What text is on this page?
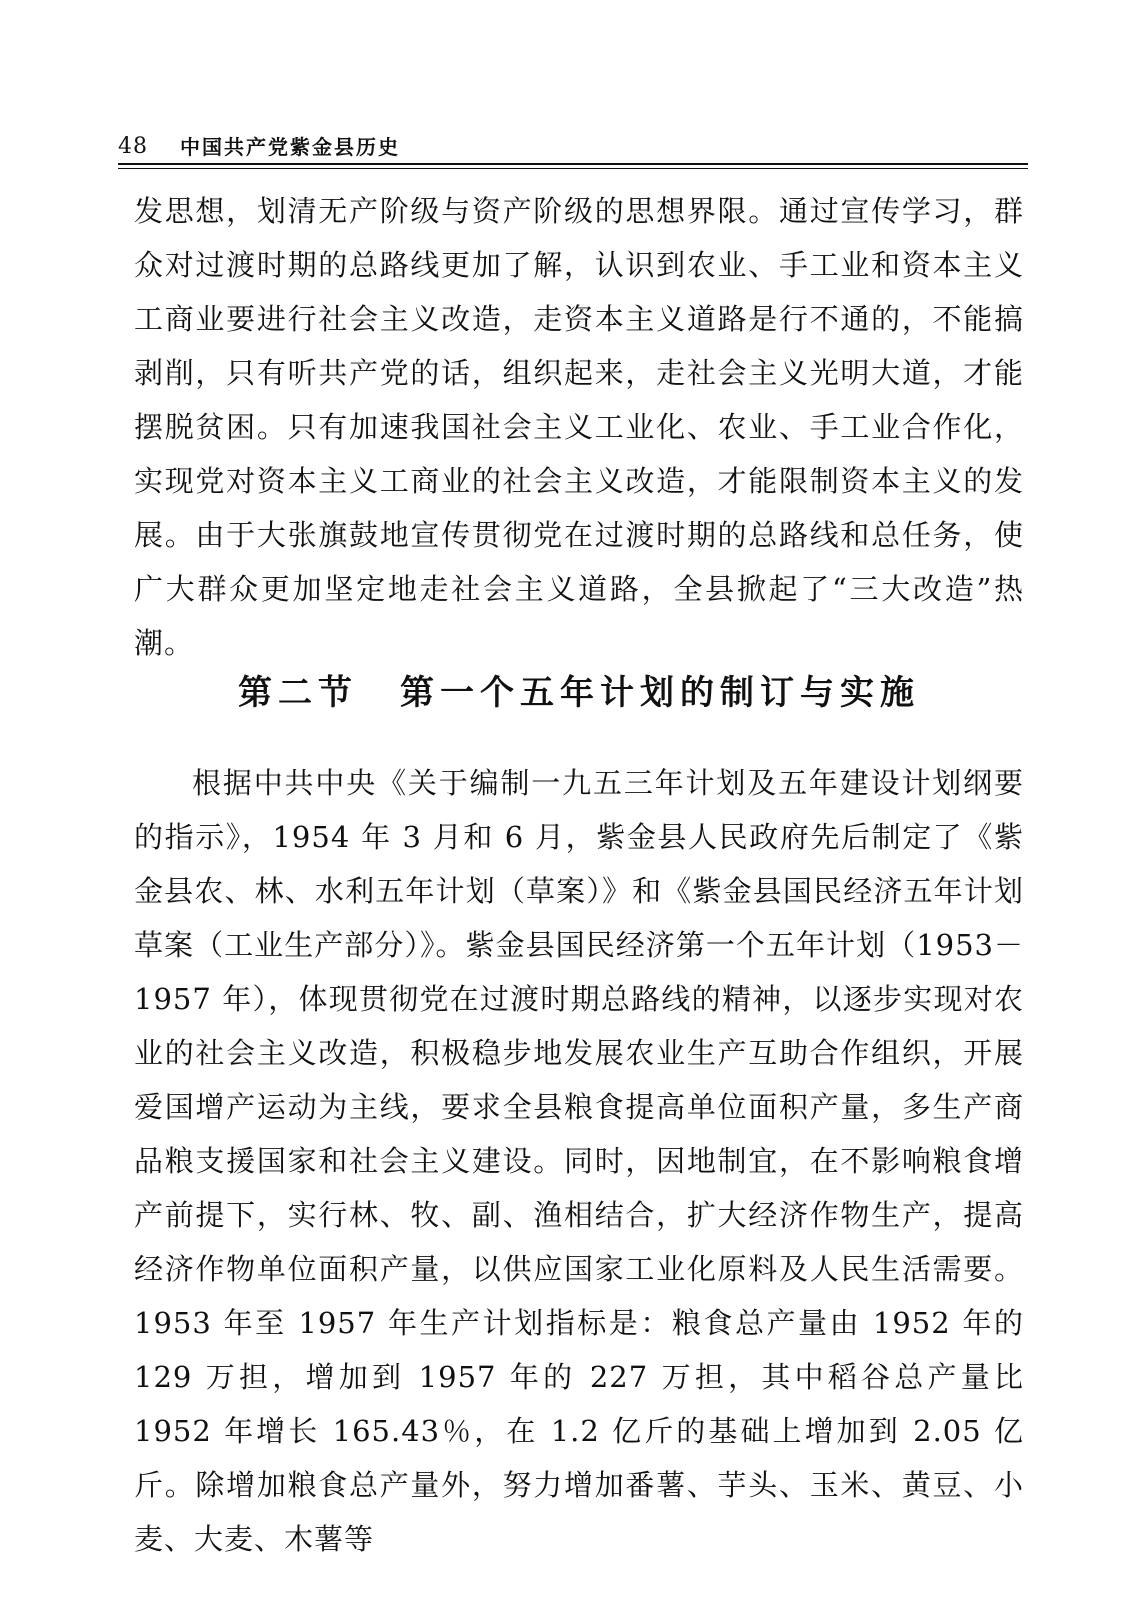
48 中国共产党紫金县历史

发思想，划清无产阶级与资产阶级的思想界限。通过宣传学习，群众对过渡时期的总路线更加了解，认识到农业、手工业和资本主义工商业要进行社会主义改造，走资本主义道路是行不通的，不能搞剥削，只有听共产党的话，组织起来，走社会主义光明大道，才能摆脱贫困。只有加速我国社会主义工业化、农业、手工业合作化，实现党对资本主义工商业的社会主义改造，才能限制资本主义的发展。由于大张旗鼓地宣传贯彻党在过渡时期的总路线和总任务，使广大群众更加坚定地走社会主义道路，全县掀起了“三大改造”热潮。

第二节 第一个五年计划的制订与实施

根据中共中央《关于编制一九五三年计划及五年建设计划纲要的指示》，1954 年 3 月和 6 月，紫金县人民政府先后制定了《紫金县农、林、水利五年计划（草案）》和《紫金县国民经济五年计划草案（工业生产部分）》。紫金县国民经济第一个五年计划（1953－1957 年），体现贯彻党在过渡时期总路线的精神，以逐步实现对农业的社会主义改造，积极稳步地发展农业生产互助合作组织，开展爱国增产运动为主线，要求全县粮食提高单位面积产量，多生产商品粮支援国家和社会主义建设。同时，因地制宜，在不影响粮食增产前提下，实行林、牧、副、渔相结合，扩大经济作物生产，提高经济作物单位面积产量，以供应国家工业化原料及人民生活需要。1953 年至 1957 年生产计划指标是：粮食总产量由 1952 年的 129 万担，增加到 1957 年的 227 万担，其中稻谷总产量比 1952 年增长 165.43％，在 1.2 亿斤的基础上增加到 2.05 亿斤。除增加粮食总产量外，努力增加番薯、芋头、玉米、黄豆、小麦、大麦、木薯等
